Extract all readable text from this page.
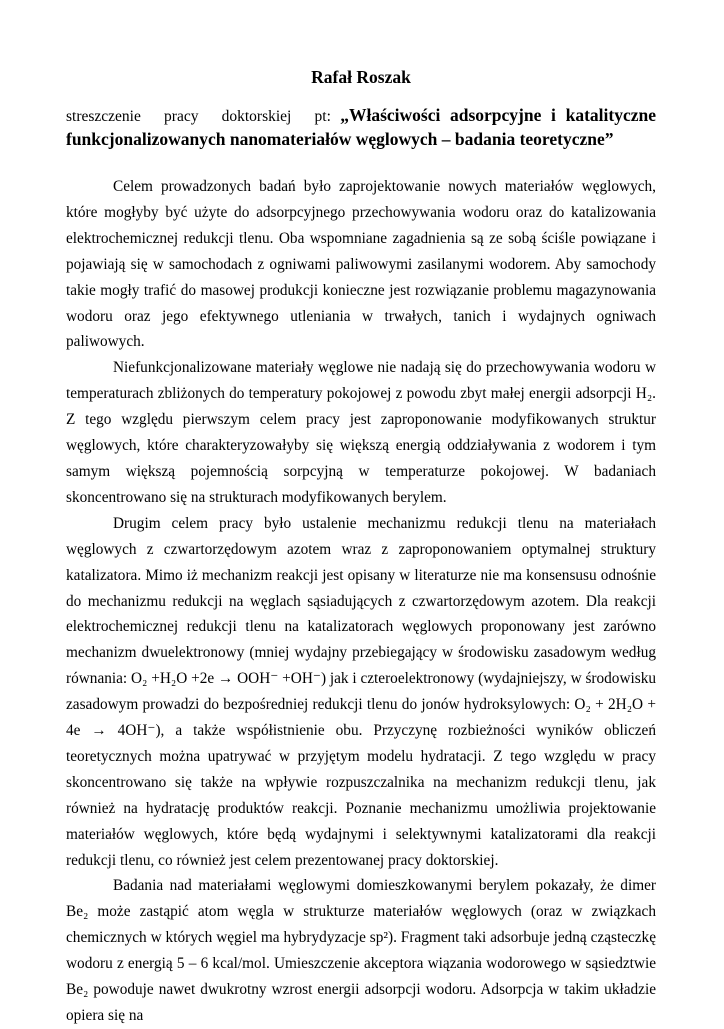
Rafał Roszak
streszczenie pracy doktorskiej pt: „Właściwości adsorpcyjne i katalityczne funkcjonalizowanych nanomateriałów węglowych – badania teoretyczne”

Celem prowadzonych badań było zaprojektowanie nowych materiałów węglowych, które mogłyby być użyte do adsorpcyjnego przechowywania wodoru oraz do katalizowania elektrochemicznej redukcji tlenu. Oba wspomniane zagadnienia są ze sobą ściśle powiązane i pojawiają się w samochodach z ogniwami paliwowymi zasilanymi wodorem. Aby samochody takie mogły trafić do masowej produkcji konieczne jest rozwiązanie problemu magazynowania wodoru oraz jego efektywnego utleniania w trwałych, tanich i wydajnych ogniwach paliwowych.

Niefunkcjonalizowane materiały węglowe nie nadają się do przechowywania wodoru w temperaturach zbliżonych do temperatury pokojowej z powodu zbyt małej energii adsorpcji H₂. Z tego względu pierwszym celem pracy jest zaproponowanie modyfikowanych struktur węglowych, które charakteryzowałyby się większą energią oddziaływania z wodorem i tym samym większą pojemnością sorpcyjną w temperaturze pokojowej. W badaniach skoncentrowano się na strukturach modyfikowanych berylem.

Drugim celem pracy było ustalenie mechanizmu redukcji tlenu na materiałach węglowych z czwartorzędowym azotem wraz z zaproponowaniem optymalnej struktury katalizatora. Mimo iż mechanizm reakcji jest opisany w literaturze nie ma konsensusu odnośnie do mechanizmu redukcji na węglach sąsiadujących z czwartorzędowym azotem. Dla reakcji elektrochemicznej redukcji tlenu na katalizatorach węglowych proponowany jest zarówno mechanizm dwuelektronowy (mniej wydajny przebiegający w środowisku zasadowym według równania: O₂ +H₂O +2e → OOH⁻ +OH⁻) jak i czteroelektronowy (wydajniejszy, w środowisku zasadowym prowadzi do bezpośredniej redukcji tlenu do jonów hydroksylowych: O₂ + 2H₂O + 4e → 4OH⁻), a także współistnienie obu. Przyczynę rozbieżności wyników obliczeń teoretycznych można upatrywać w przyjętym modelu hydratacji. Z tego względu w pracy skoncentrowano się także na wpływie rozpuszczalnika na mechanizm redukcji tlenu, jak również na hydratację produktów reakcji. Poznanie mechanizmu umożliwia projektowanie materiałów węglowych, które będą wydajnymi i selektywnymi katalizatorami dla reakcji redukcji tlenu, co również jest celem prezentowanej pracy doktorskiej.

Badania nad materiałami węglowymi domieszkowanymi berylem pokazały, że dimer Be₂ może zastąpić atom węgla w strukturze materiałów węglowych (oraz w związkach chemicznych w których węgiel ma hybrydyzacje sp²). Fragment taki adsorbuje jedną cząsteczkę wodoru z energią 5 – 6 kcal/mol. Umieszczenie akceptora wiązania wodorowego w sąsiedztwie Be₂ powoduje nawet dwukrotny wzrost energii adsorpcji wodoru. Adsorpcja w takim układzie opiera się na
